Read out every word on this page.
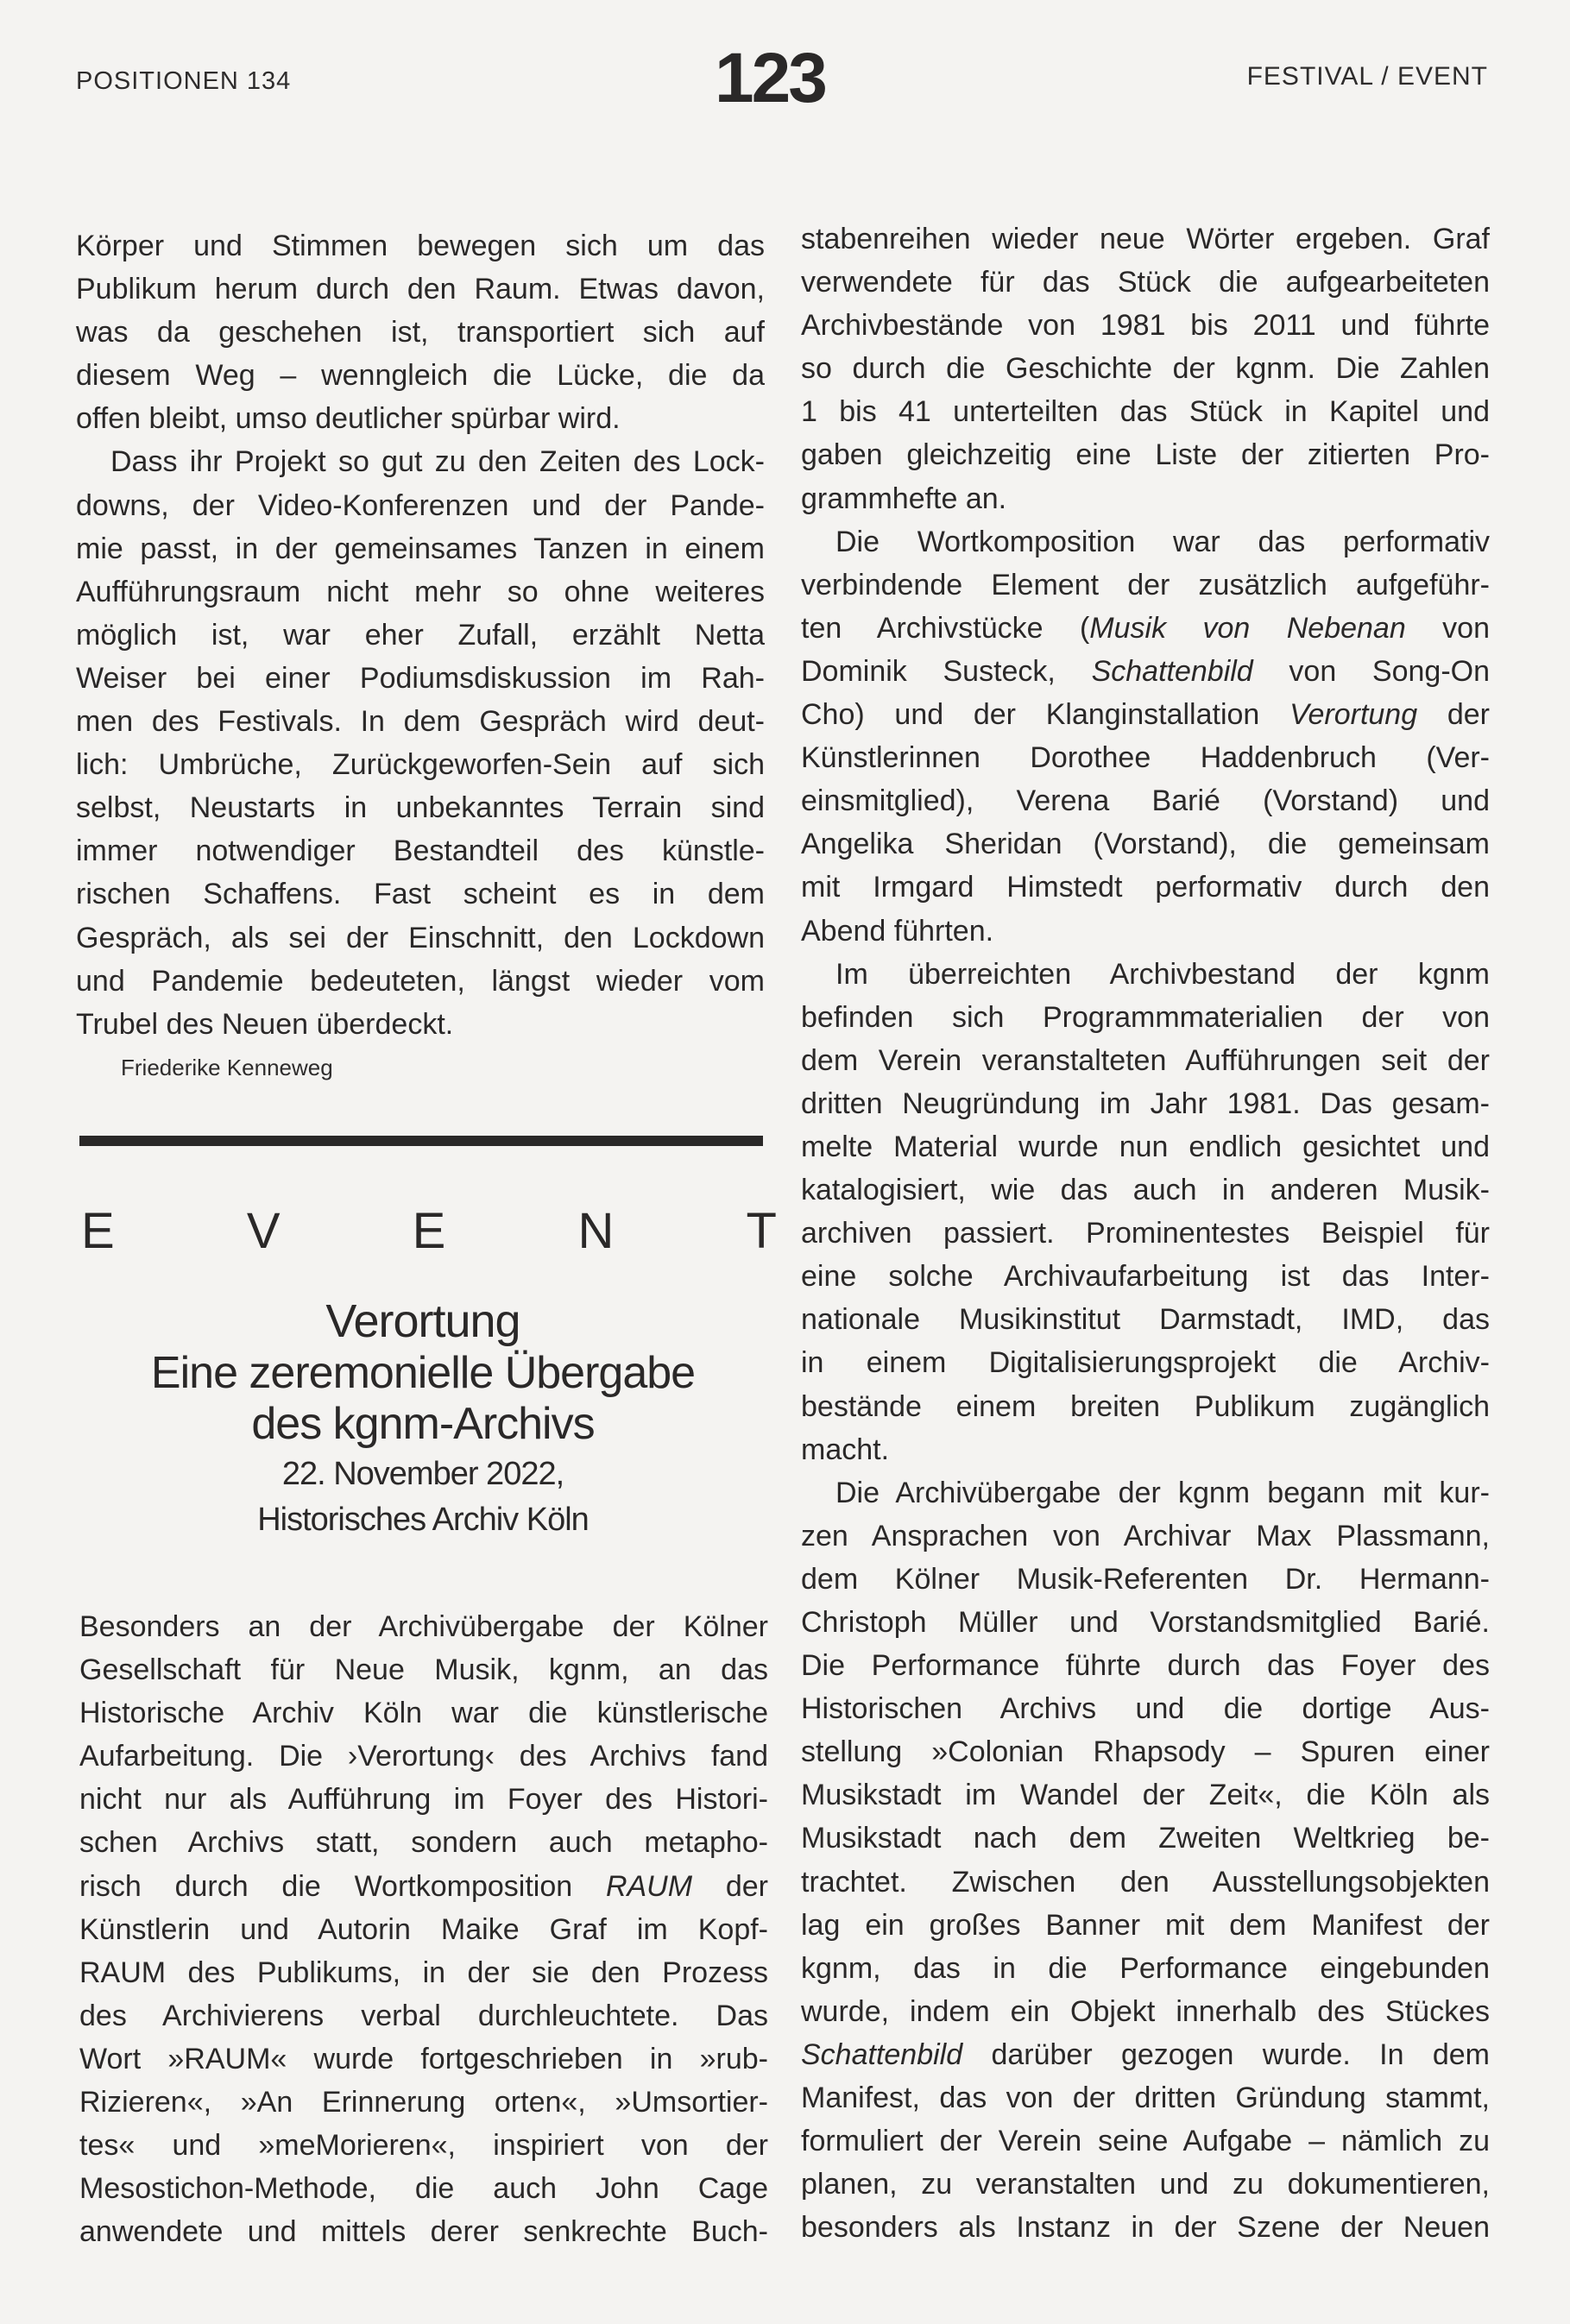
POSITIONEN 134	123	FESTIVAL / EVENT

Körper und Stimmen bewegen sich um das

Publikum herum durch den Raum. Etwas davon,

was da geschehen ist, transportiert sich auf

diesem Weg – wenngleich die Lücke, die da

offen bleibt, umso deutlicher spürbar wird.

Dass ihr Projekt so gut zu den Zeiten des Lock-

downs, der Video-Konferenzen und der Pande-

mie passt, in der gemeinsames Tanzen in einem

Aufführungsraum nicht mehr so ohne weiteres

möglich ist, war eher Zufall, erzählt Netta

Weiser bei einer Podiumsdiskussion im Rah-

men des Festivals. In dem Gespräch wird deut-

lich: Umbrüche, Zurückgeworfen-Sein auf sich

selbst, Neustarts in unbekanntes Terrain sind

immer notwendiger Bestandteil des künstle-

rischen Schaffens. Fast scheint es in dem

Gespräch, als sei der Einschnitt, den Lockdown

und Pandemie bedeuteten, längst wieder vom

Trubel des Neuen überdeckt.

Friederike Kenneweg
E	V	E	N	T
Verortung
Eine zeremonielle Übergabe
des kgnm-Archivs
22. November 2022,
Historisches Archiv Köln

Besonders an der Archivübergabe der Kölner

Gesellschaft für Neue Musik, kgnm, an das

Historische Archiv Köln war die künstlerische

Aufarbeitung. Die ›Verortung‹ des Archivs fand

nicht nur als Aufführung im Foyer des Histori-

schen Archivs statt, sondern auch metapho-

risch durch die Wortkomposition RAUM der

Künstlerin und Autorin Maike Graf im Kopf-

RAUM des Publikums, in der sie den Prozess

des Archivierens verbal durchleuchtete. Das

Wort »RAUM« wurde fortgeschrieben in »rub-

Rizieren«, »An Erinnerung orten«, »Umsortier-

tes« und »meMorieren«, inspiriert von der

Mesostichon-Methode, die auch John Cage

anwendete und mittels derer senkrechte Buch-

stabenreihen wieder neue Wörter ergeben. Graf

verwendete für das Stück die aufgearbeiteten

Archivbestände von 1981 bis 2011 und führte

so durch die Geschichte der kgnm. Die Zahlen

1 bis 41 unterteilten das Stück in Kapitel und

gaben gleichzeitig eine Liste der zitierten Pro-

grammhefte an.

Die Wortkomposition war das performativ

verbindende Element der zusätzlich aufgeführ-

ten Archivstücke (Musik von Nebenan von

Dominik Susteck, Schattenbild von Song-On

Cho) und der Klanginstallation Verortung der

Künstlerinnen Dorothee Haddenbruch (Ver-

einsmitglied), Verena Barié (Vorstand) und

Angelika Sheridan (Vorstand), die gemeinsam

mit Irmgard Himstedt performativ durch den

Abend führten.

Im überreichten Archivbestand der kgnm

befinden sich Programmmaterialien der von

dem Verein veranstalteten Aufführungen seit der

dritten Neugründung im Jahr 1981. Das gesam-

melte Material wurde nun endlich gesichtet und

katalogisiert, wie das auch in anderen Musik-

archiven passiert. Prominentestes Beispiel für

eine solche Archivaufarbeitung ist das Inter-

nationale Musikinstitut Darmstadt, IMD, das

in einem Digitalisierungsprojekt die Archiv-

bestände einem breiten Publikum zugänglich

macht.

Die Archivübergabe der kgnm begann mit kur-

zen Ansprachen von Archivar Max Plassmann,

dem Kölner Musik-Referenten Dr. Hermann-

Christoph Müller und Vorstandsmitglied Barié.

Die Performance führte durch das Foyer des

Historischen Archivs und die dortige Aus-

stellung »Colonian Rhapsody – Spuren einer

Musikstadt im Wandel der Zeit«, die Köln als

Musikstadt nach dem Zweiten Weltkrieg be-

trachtet. Zwischen den Ausstellungsobjekten

lag ein großes Banner mit dem Manifest der

kgnm, das in die Performance eingebunden

wurde, indem ein Objekt innerhalb des Stückes

Schattenbild darüber gezogen wurde. In dem

Manifest, das von der dritten Gründung stammt,

formuliert der Verein seine Aufgabe – nämlich zu

planen, zu veranstalten und zu dokumentieren,

besonders als Instanz in der Szene der Neuen
